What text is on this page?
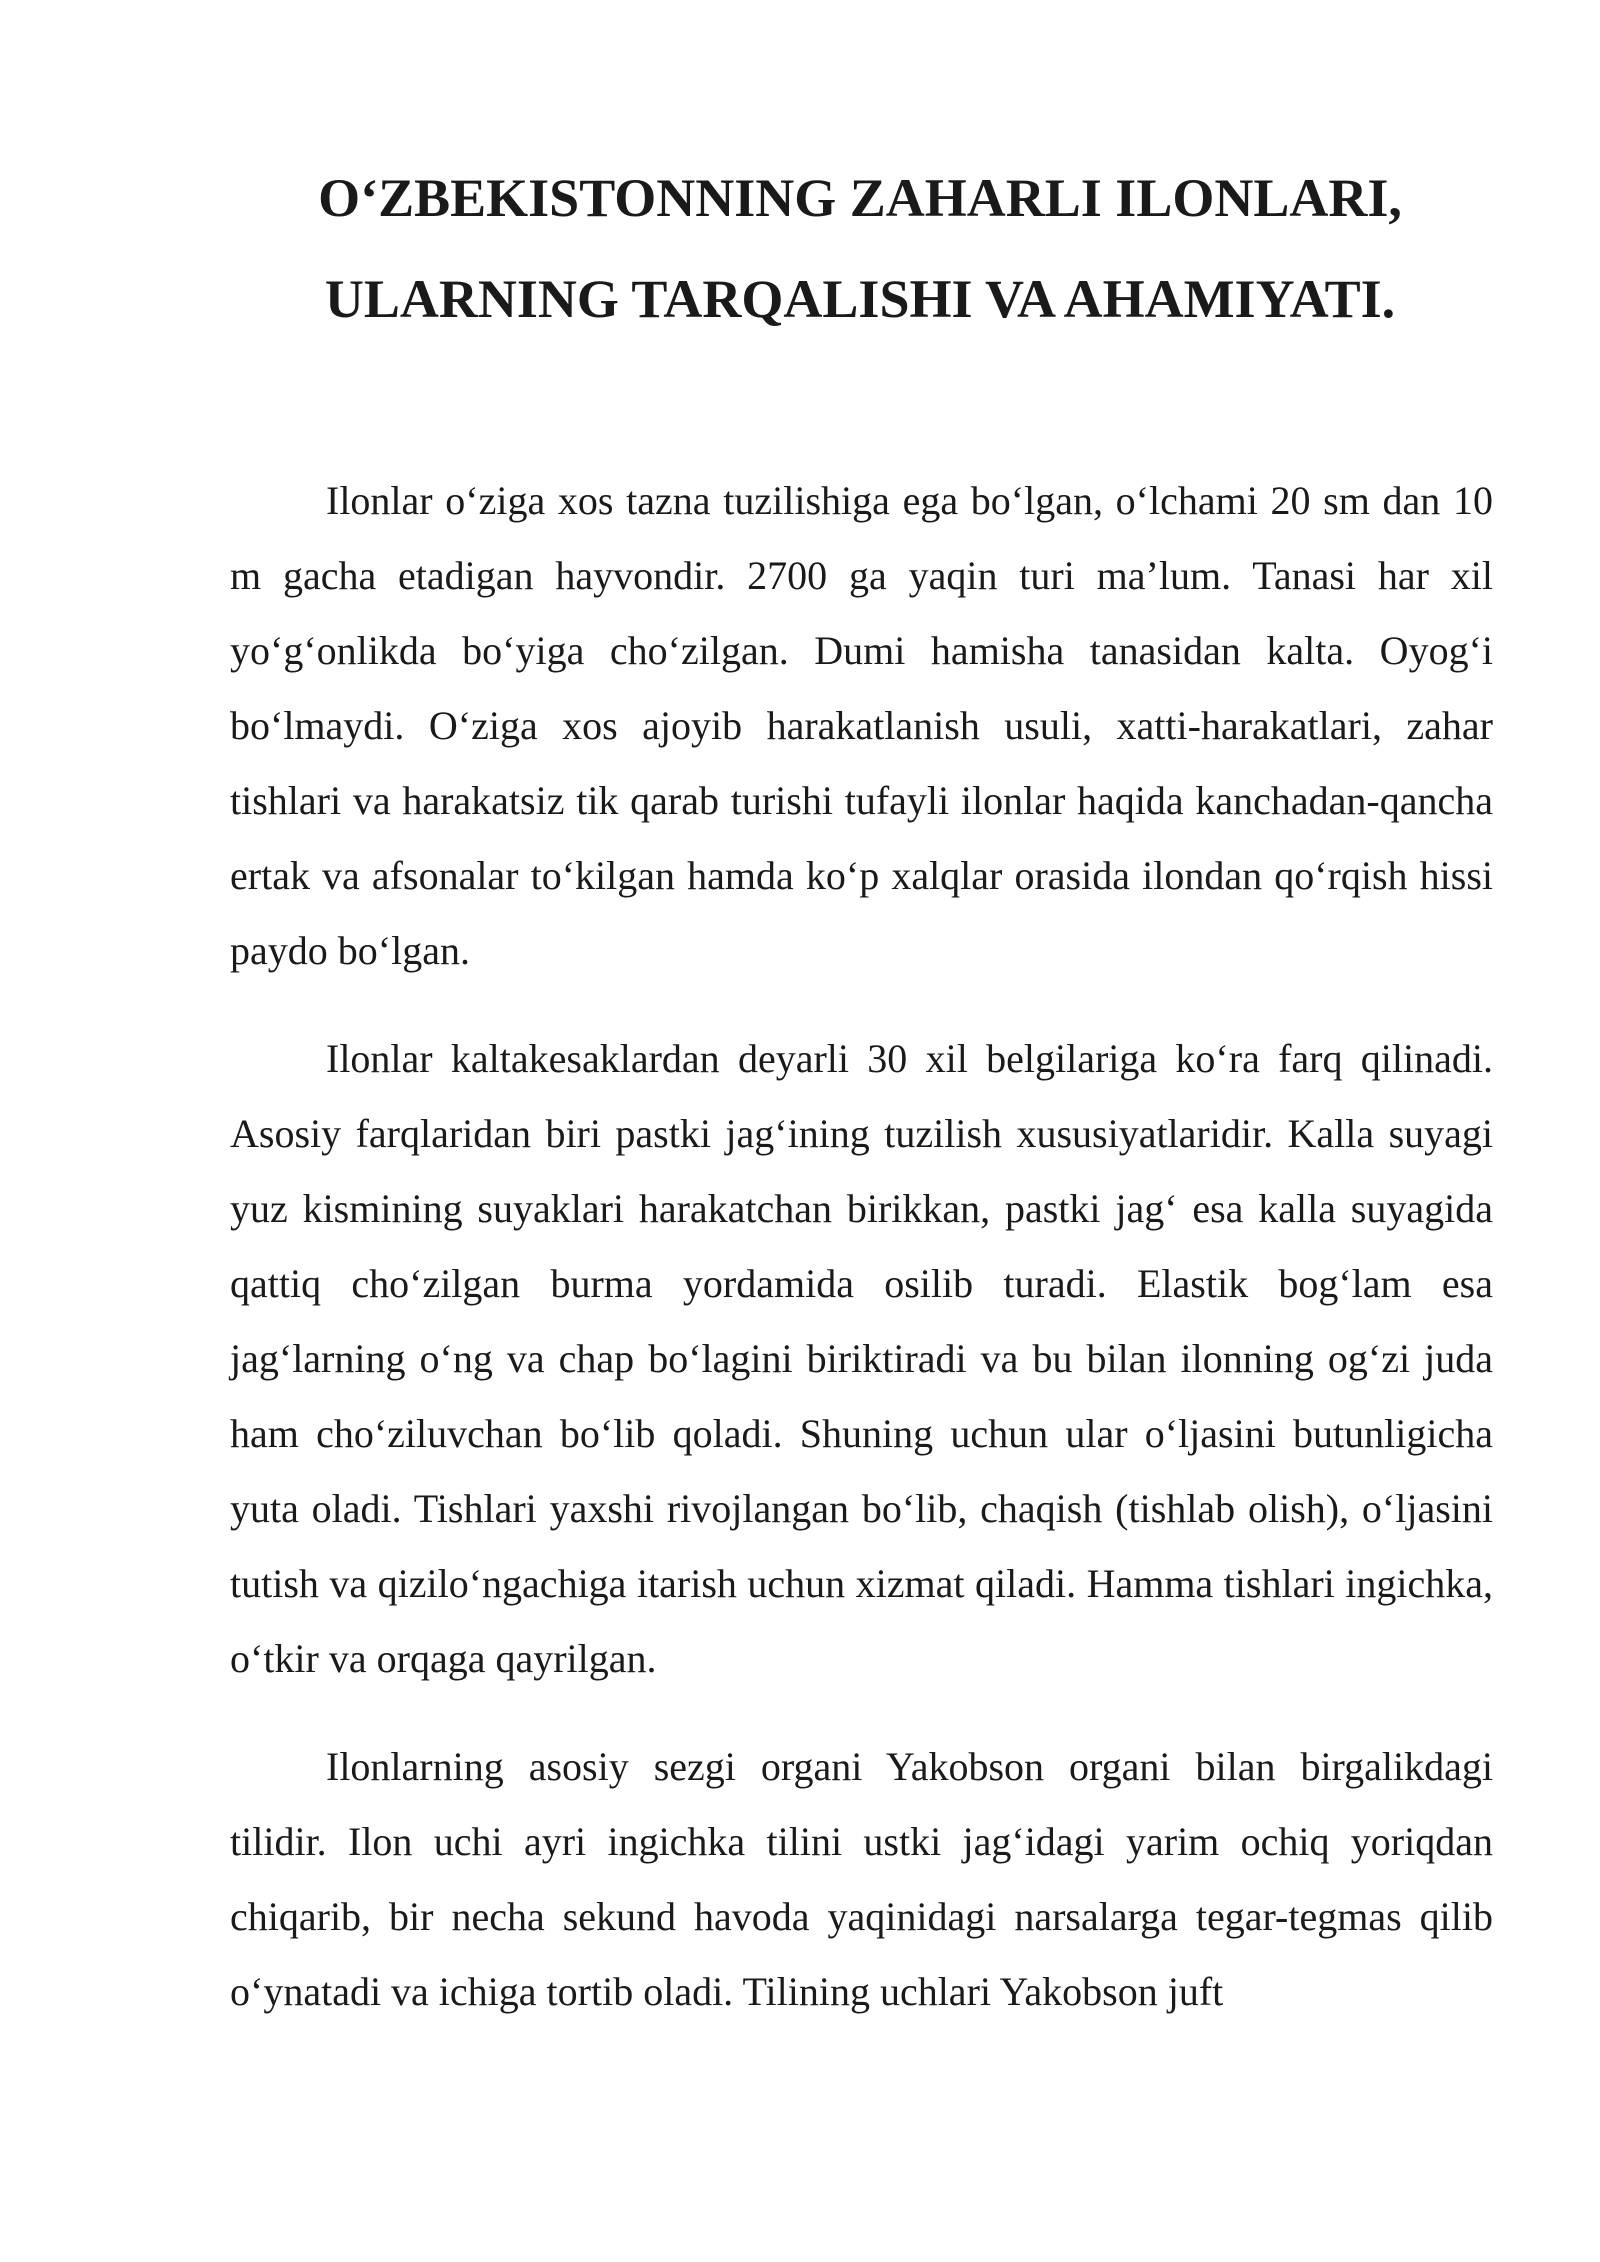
O‘ZBEKISTONNING ZAHARLI ILONLARI,
ULARNING TARQALISHI VA AHAMIYATI.

Ilonlar o‘ziga xos tazna tuzilishiga ega bo‘lgan, o‘lchami 20 sm dan 10 m gacha etadigan hayvondir. 2700 ga yaqin turi ma’lum. Tanasi har xil yo‘g‘onlikda bo‘yiga cho‘zilgan. Dumi hamisha tanasidan kalta. Oyog‘i bo‘lmaydi. O‘ziga xos ajoyib harakatlanish usuli, xatti-harakatlari, zahar tishlari va harakatsiz tik qarab turishi tufayli ilonlar haqida kanchadan-qancha ertak va afsonalar to‘kilgan hamda ko‘p xalqlar orasida ilondan qo‘rqish hissi paydo bo‘lgan.

Ilonlar kaltakesaklardan deyarli 30 xil belgilariga ko‘ra farq qilinadi. Asosiy farqlaridan biri pastki jag‘ining tuzilish xususiyatlaridir. Kalla suyagi yuz kismining suyaklari harakatchan birikkan, pastki jag‘ esa kalla suyagida qattiq cho‘zilgan burma yordamida osilib turadi. Elastik bog‘lam esa jag‘larning o‘ng va chap bo‘lagini biriktiradi va bu bilan ilonning og‘zi juda ham cho‘ziluvchan bo‘lib qoladi. Shuning uchun ular o‘ljasini butunligicha yuta oladi. Tishlari yaxshi rivojlangan bo‘lib, chaqish (tishlab olish), o‘ljasini tutish va qizilo‘ngachiga itarish uchun xizmat qiladi. Hamma tishlari ingichka, o‘tkir va orqaga qayrilgan.

Ilonlarning asosiy sezgi organi Yakobson organi bilan birgalikdagi tilidir. Ilon uchi ayri ingichka tilini ustki jag‘idagi yarim ochiq yoriqdan chiqarib, bir necha sekund havoda yaqinidagi narsalarga tegar-tegmas qilib o‘ynatadi va ichiga tortib oladi. Tilining uchlari Yakobson juft
